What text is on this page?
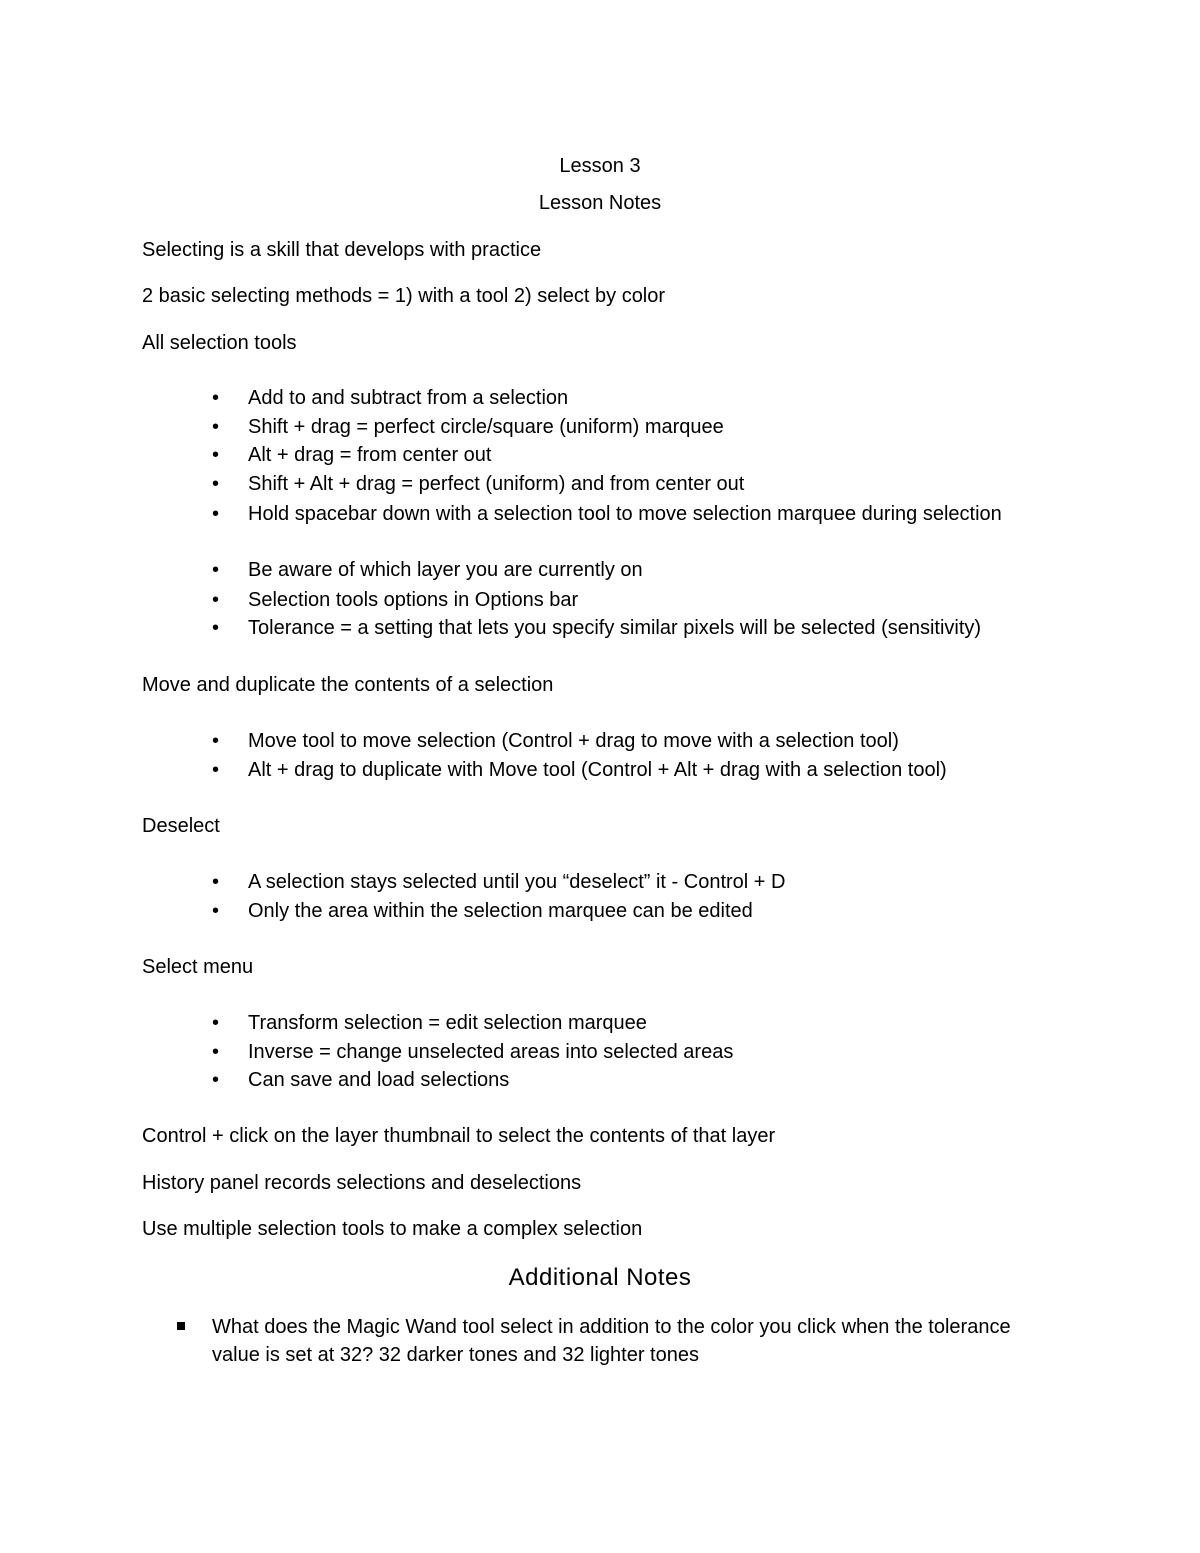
Lesson 3
Lesson Notes
Selecting is a skill that develops with practice
2 basic selecting methods = 1) with a tool 2) select by color
All selection tools
• Add to and subtract from a selection
• Shift + drag = perfect circle/square (uniform) marquee
• Alt + drag = from center out
• Shift + Alt + drag = perfect (uniform) and from center out
• Hold spacebar down with a selection tool to move selection marquee during selection
• Be aware of which layer you are currently on
• Selection tools options in Options bar
• Tolerance = a setting that lets you specify similar pixels will be selected (sensitivity)
Move and duplicate the contents of a selection
• Move tool to move selection (Control + drag to move with a selection tool)
• Alt + drag to duplicate with Move tool (Control + Alt + drag with a selection tool)
Deselect
• A selection stays selected until you “deselect” it - Control + D
• Only the area within the selection marquee can be edited
Select menu
• Transform selection = edit selection marquee
• Inverse = change unselected areas into selected areas
• Can save and load selections
Control + click on the layer thumbnail to select the contents of that layer
History panel records selections and deselections
Use multiple selection tools to make a complex selection
Additional Notes
What does the Magic Wand tool select in addition to the color you click when the tolerance value is set at 32? 32 darker tones and 32 lighter tones
